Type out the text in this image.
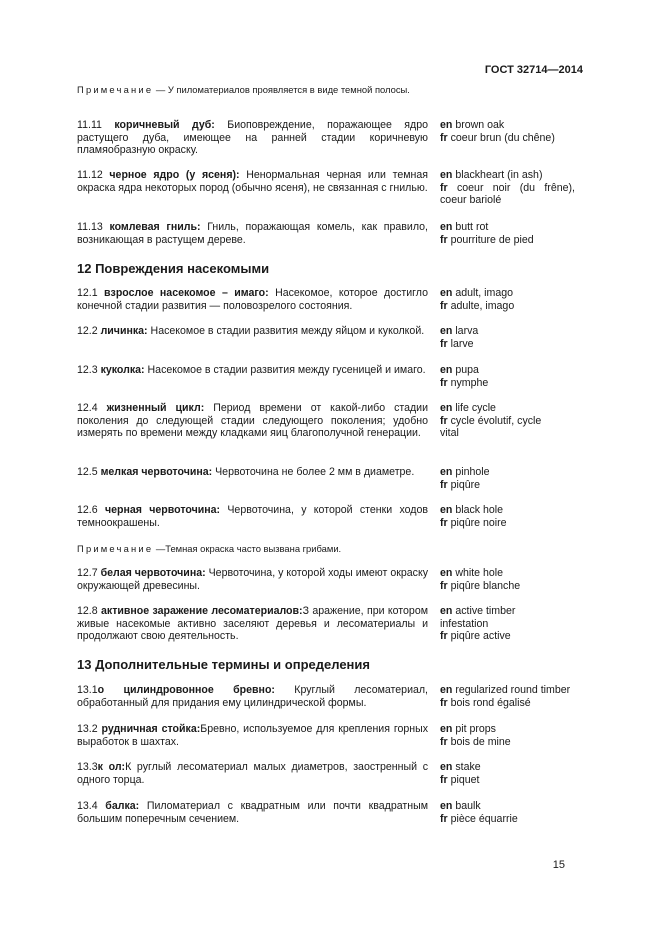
ГОСТ 32714—2014
Примечание — У пиломатериалов проявляется в виде темной полосы.
11.11 коричневый дуб: Биоповреждение, поражающее ядро растущего дуба, имеющее на ранней стадии коричневую пламяобразную окраску.
en brown oak
fr coeur brun (du chêne)
11.12 черное ядро (у ясеня): Ненормальная черная или темная окраска ядра некоторых пород (обычно ясеня), не связанная с гнилью.
en blackheart (in ash)
fr coeur noir (du frêne), coeur bariolé
11.13 комлевая гниль: Гниль, поражающая комель, как правило, возникающая в растущем дереве.
en butt rot
fr pourriture de pied
12 Повреждения насекомыми
12.1 взрослое насекомое – имаго: Насекомое, которое достигло конечной стадии развития — половозрелого состояния.
en adult, imago
fr adulte, imago
12.2 личинка: Насекомое в стадии развития между яйцом и куколкой.	en larva
fr larve
12.3 куколка: Насекомое в стадии развития между гусеницей и имаго. en pupa
fr nymphe
12.4 жизненный цикл: Период времени от какой-либо стадии поколения до следующей стадии следующего поколения; удобно измерять по времени между кладками яиц благополучной генерации.
en life cycle
fr cycle évolutif, cycle vital
12.5 мелкая червоточина: Червоточина не более 2 мм в диаметре.	en pinhole
fr piqûre
12.6 черная червоточина: Червоточина, у которой стенки ходов темноокрашены.
en black hole
fr piqûre noire
Примечание —Темная окраска часто вызвана грибами.
12.7 белая червоточина: Червоточина, у которой ходы имеют окраску окружающей древесины.
en white hole
fr piqûre blanche
12.8 активное заражение лесоматериалов:З аражение, при котором живые насекомые активно заселяют деревья и лесоматериалы и продолжают свою деятельность.
en active timber infestation
fr piqûre active
13 Дополнительные термины и определения
13.1о цилиндровонное бревно: Круглый лесоматериал, обработанный для придания ему цилиндрической формы.
en regularized round timber
fr bois rond égalisé
13.2 рудничная стойка:Бревно, используемое для крепления горных выработок в шахтах.
en pit props
fr bois de mine
13.3к ол:К руглый лесоматериал малых диаметров, заостренный с одного торца.
en stake
fr piquet
13.4 балка: Пиломатериал с квадратным или почти квадратным большим поперечным сечением.
en baulk
fr pièce équarrie
15
